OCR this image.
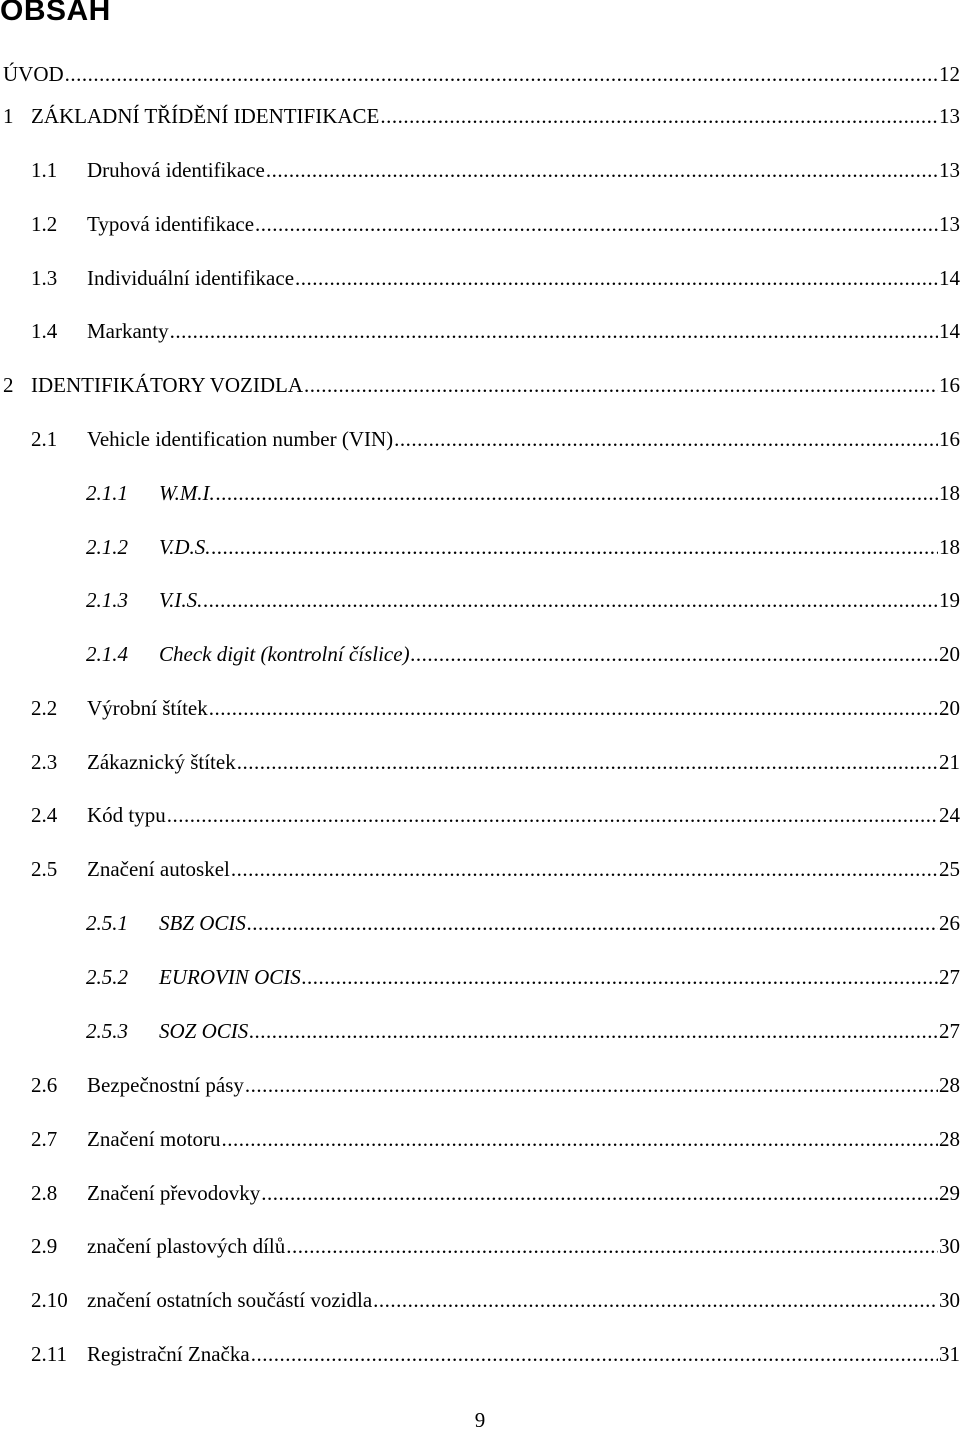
OBSAH
ÚVOD .....	12
1 ZÁKLADNÍ TŘÍDĚNÍ IDENTIFIKACE .....	13
1.1	Druhová identifikace .....	13
1.2	Typová identifikace .....	13
1.3	Individuální identifikace .....	14
1.4	Markanty .....	14
2 IDENTIFIKÁTORY VOZIDLA .....	16
2.1	Vehicle identification number (VIN) .....	16
2.1.1	W.M.I. .....	18
2.1.2	V.D.S. .....	18
2.1.3	V.I.S. .....	19
2.1.4	Check digit (kontrolní číslice) .....	20
2.2	Výrobní štítek .....	20
2.3	Zákaznický štítek .....	21
2.4	Kód typu .....	24
2.5	Značení autoskel .....	25
2.5.1	SBZ OCIS .....	26
2.5.2	EUROVIN OCIS .....	27
2.5.3	SOZ OCIS .....	27
2.6	Bezpečnostní pásy .....	28
2.7	Značení motoru .....	28
2.8	Značení převodovky .....	29
2.9	značení plastových dílů .....	30
2.10 značení ostatních součástí vozidla .....	30
2.11 Registrační Značka .....	31
9
